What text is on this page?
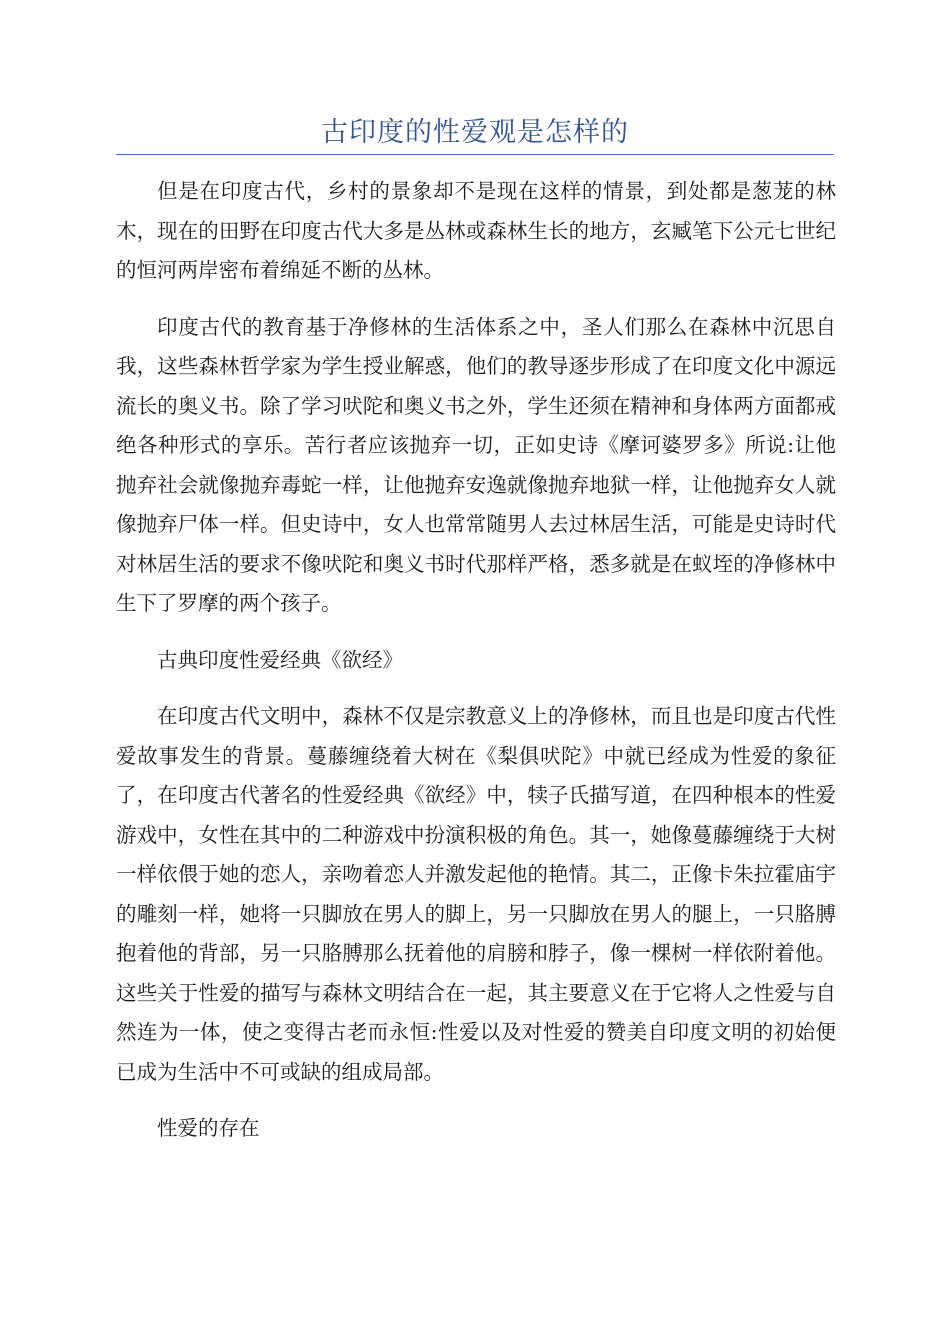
古印度的性爱观是怎样的

但是在印度古代，乡村的景象却不是现在这样的情景，到处都是葱茏的林木，现在的田野在印度古代大多是丛林或森林生长的地方，玄臧笔下公元七世纪的恒河两岸密布着绵延不断的丛林。

印度古代的教育基于净修林的生活体系之中，圣人们那么在森林中沉思自我，这些森林哲学家为学生授业解惑，他们的教导逐步形成了在印度文化中源远流长的奥义书。除了学习吠陀和奥义书之外，学生还须在精神和身体两方面都戒绝各种形式的享乐。苦行者应该抛弃一切，正如史诗《摩诃婆罗多》所说:让他抛弃社会就像抛弃毒蛇一样，让他抛弃安逸就像抛弃地狱一样，让他抛弃女人就像抛弃尸体一样。但史诗中，女人也常常随男人去过林居生活，可能是史诗时代对林居生活的要求不像吠陀和奥义书时代那样严格，悉多就是在蚁垤的净修林中生下了罗摩的两个孩子。

古典印度性爱经典《欲经》

在印度古代文明中，森林不仅是宗教意义上的净修林，而且也是印度古代性爱故事发生的背景。蔓藤缠绕着大树在《梨俱吠陀》中就已经成为性爱的象征了，在印度古代著名的性爱经典《欲经》中，犊子氏描写道，在四种根本的性爱游戏中，女性在其中的二种游戏中扮演积极的角色。其一，她像蔓藤缠绕于大树一样依偎于她的恋人，亲吻着恋人并激发起他的艳情。其二，正像卡朱拉霍庙宇的雕刻一样，她将一只脚放在男人的脚上，另一只脚放在男人的腿上，一只胳膊抱着他的背部，另一只胳膊那么抚着他的肩膀和脖子，像一棵树一样依附着他。这些关于性爱的描写与森林文明结合在一起，其主要意义在于它将人之性爱与自然连为一体，使之变得古老而永恒:性爱以及对性爱的赞美自印度文明的初始便已成为生活中不可或缺的组成局部。

性爱的存在
